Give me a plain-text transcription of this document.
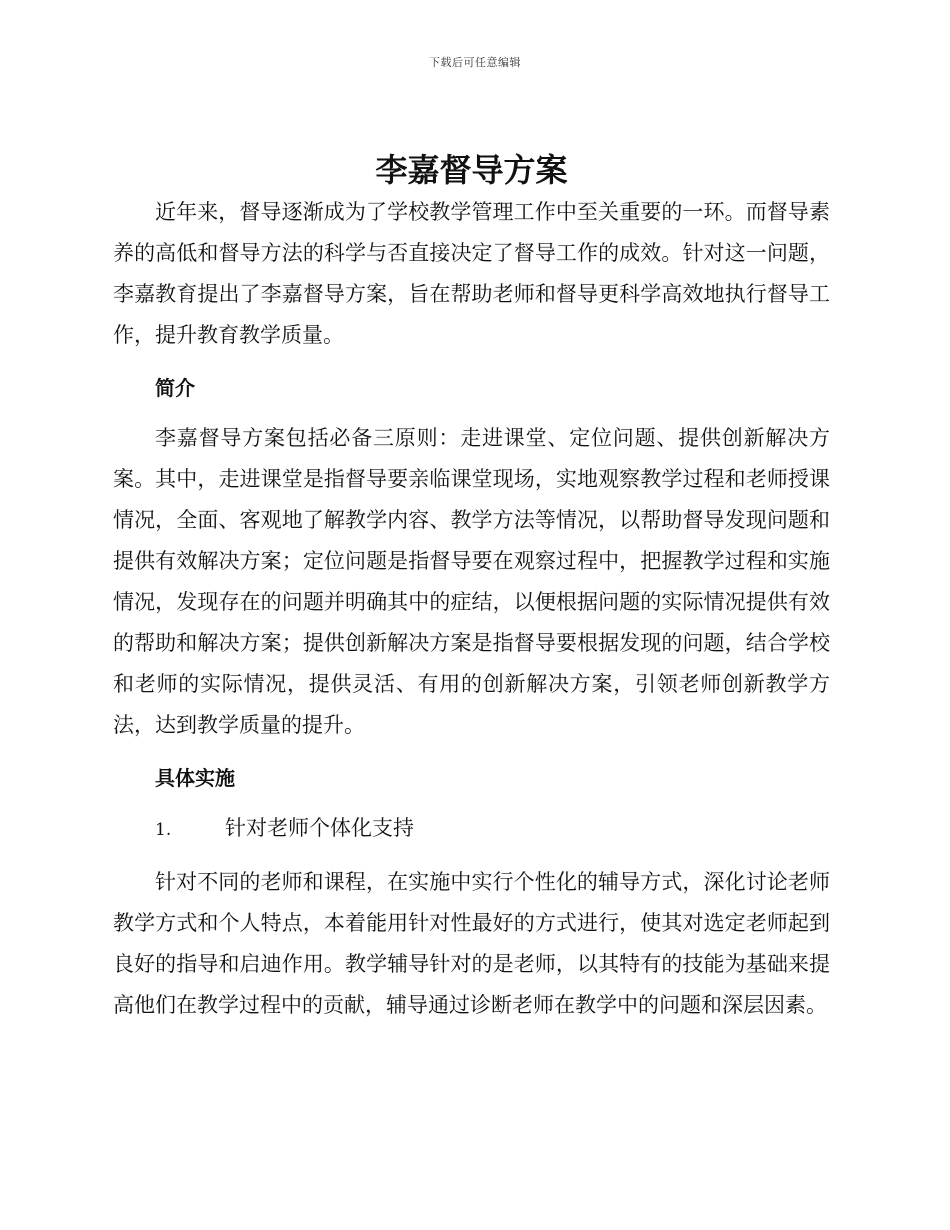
下载后可任意编辑
李嘉督导方案

近年来，督导逐渐成为了学校教学管理工作中至关重要的一环。而督导素养的高低和督导方法的科学与否直接决定了督导工作的成效。针对这一问题，李嘉教育提出了李嘉督导方案，旨在帮助老师和督导更科学高效地执行督导工作，提升教育教学质量。

简介

李嘉督导方案包括必备三原则：走进课堂、定位问题、提供创新解决方案。其中，走进课堂是指督导要亲临课堂现场，实地观察教学过程和老师授课情况，全面、客观地了解教学内容、教学方法等情况，以帮助督导发现问题和提供有效解决方案；定位问题是指督导要在观察过程中，把握教学过程和实施情况，发现存在的问题并明确其中的症结，以便根据问题的实际情况提供有效的帮助和解决方案；提供创新解决方案是指督导要根据发现的问题，结合学校和老师的实际情况，提供灵活、有用的创新解决方案，引领老师创新教学方法，达到教学质量的提升。

具体实施
1.	针对老师个体化支持

针对不同的老师和课程，在实施中实行个性化的辅导方式，深化讨论老师教学方式和个人特点，本着能用针对性最好的方式进行，使其对选定老师起到良好的指导和启迪作用。教学辅导针对的是老师，以其特有的技能为基础来提高他们在教学过程中的贡献，辅导通过诊断老师在教学中的问题和深层因素。
